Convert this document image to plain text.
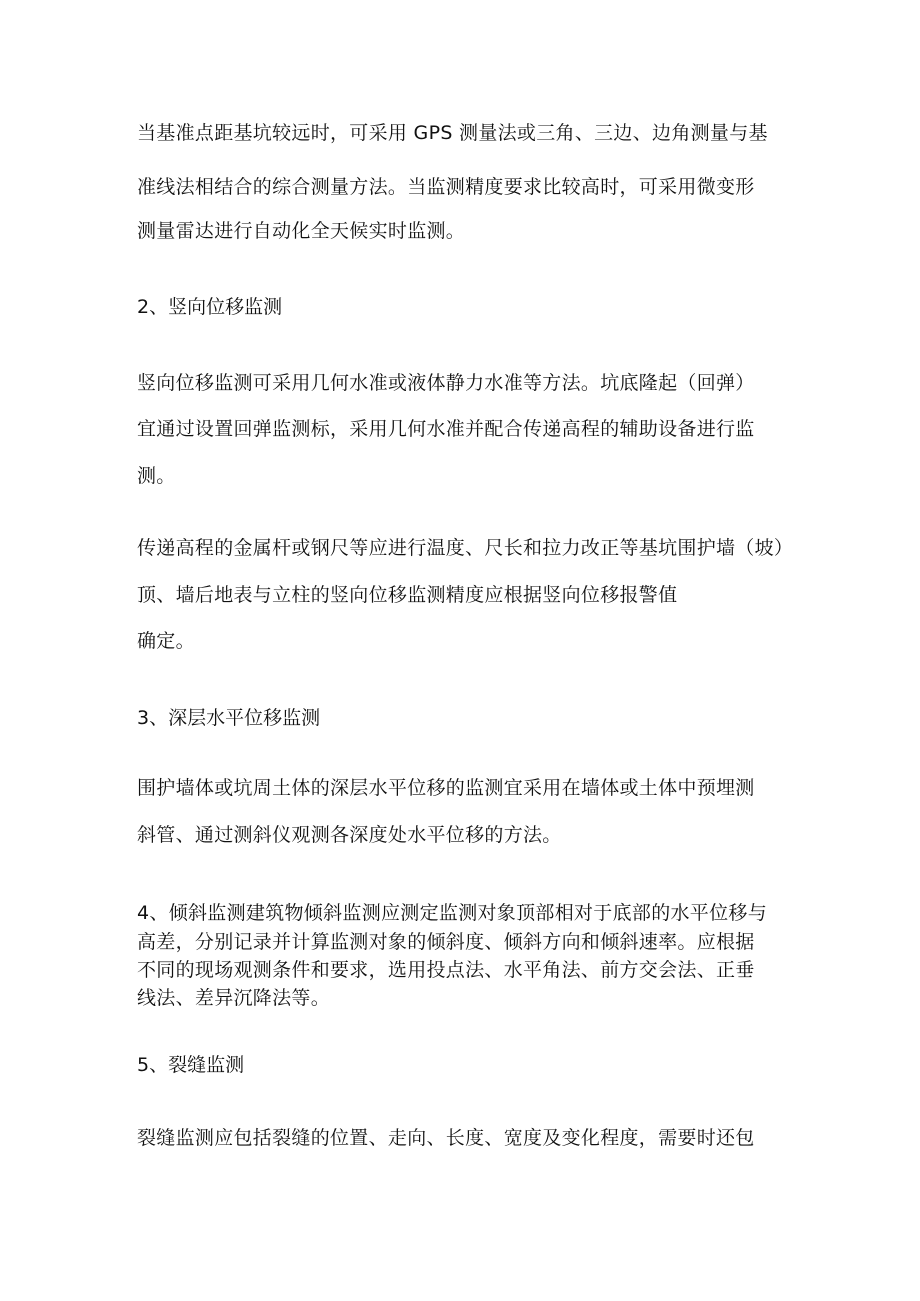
当基准点距基坑较远时，可采用 GPS 测量法或三角、三边、边角测量与基
准线法相结合的综合测量方法。当监测精度要求比较高时，可采用微变形
测量雷达进行自动化全天候实时监测。
2、竖向位移监测
竖向位移监测可采用几何水准或液体静力水准等方法。坑底隆起（回弹）
宜通过设置回弹监测标，采用几何水准并配合传递高程的辅助设备进行监
测。
传递高程的金属杆或钢尺等应进行温度、尺长和拉力改正等基坑围护墙（坡）
顶、墙后地表与立柱的竖向位移监测精度应根据竖向位移报警值
确定。
3、深层水平位移监测
围护墙体或坑周土体的深层水平位移的监测宜采用在墙体或土体中预埋测
斜管、通过测斜仪观测各深度处水平位移的方法。
4、倾斜监测建筑物倾斜监测应测定监测对象顶部相对于底部的水平位移与
高差，分别记录并计算监测对象的倾斜度、倾斜方向和倾斜速率。应根据
不同的现场观测条件和要求，选用投点法、水平角法、前方交会法、正垂
线法、差异沉降法等。
5、裂缝监测
裂缝监测应包括裂缝的位置、走向、长度、宽度及变化程度，需要时还包
